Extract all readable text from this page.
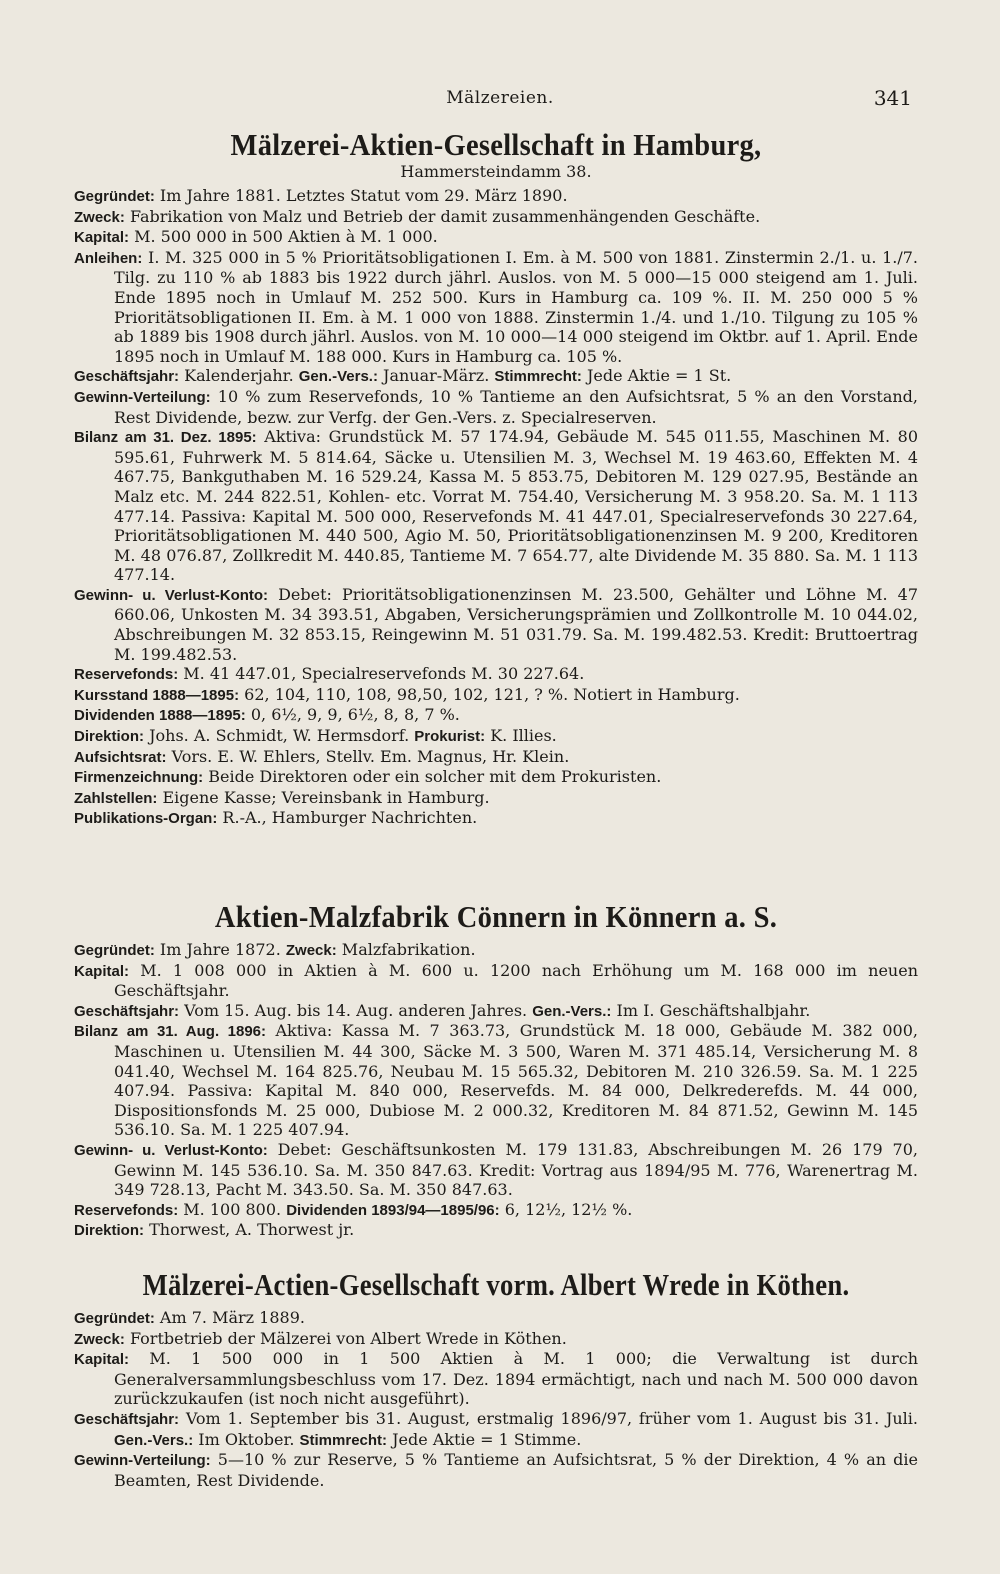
Mälzereien.	341
Mälzerei-Aktien-Gesellschaft in Hamburg,
Hammersteindamm 38.

Gegründet: Im Jahre 1881. Letztes Statut vom 29. März 1890.

Zweck: Fabrikation von Malz und Betrieb der damit zusammenhängenden Geschäfte.

Kapital: M. 500 000 in 500 Aktien à M. 1 000.

Anleihen: I. M. 325 000 in 5 % Prioritätsobligationen I. Em. à M. 500 von 1881. Zinstermin 2./1. u. 1./7. Tilg. zu 110 % ab 1883 bis 1922 durch jährl. Auslos. von M. 5 000—15 000 steigend am 1. Juli. Ende 1895 noch in Umlauf M. 252 500. Kurs in Hamburg ca. 109 %. II. M. 250 000 5 % Prioritätsobligationen II. Em. à M. 1 000 von 1888. Zinstermin 1./4. und 1./10. Tilgung zu 105 % ab 1889 bis 1908 durch jährl. Auslos. von M. 10 000—14 000 steigend im Oktbr. auf 1. April. Ende 1895 noch in Umlauf M. 188 000. Kurs in Hamburg ca. 105 %.

Geschäftsjahr: Kalenderjahr. Gen.-Vers.: Januar-März. Stimmrecht: Jede Aktie = 1 St.

Gewinn-Verteilung: 10 % zum Reservefonds, 10 % Tantieme an den Aufsichtsrat, 5 % an den Vorstand, Rest Dividende, bezw. zur Verfg. der Gen.-Vers. z. Specialreserven.

Bilanz am 31. Dez. 1895: Aktiva: Grundstück M. 57 174.94, Gebäude M. 545 011.55, Maschinen M. 80 595.61, Fuhrwerk M. 5 814.64, Säcke u. Utensilien M. 3, Wechsel M. 19 463.60, Effekten M. 4 467.75, Bankguthaben M. 16 529.24, Kassa M. 5 853.75, Debitoren M. 129 027.95, Bestände an Malz etc. M. 244 822.51, Kohlen- etc. Vorrat M. 754.40, Versicherung M. 3 958.20. Sa. M. 1 113 477.14. Passiva: Kapital M. 500 000, Reservefonds M. 41 447.01, Specialreservefonds 30 227.64, Prioritätsobligationen M. 440 500, Agio M. 50, Prioritätsobligationenzinsen M. 9 200, Kreditoren M. 48 076.87, Zollkredit M. 440.85, Tantieme M. 7 654.77, alte Dividende M. 35 880. Sa. M. 1 113 477.14.

Gewinn- u. Verlust-Konto: Debet: Prioritätsobligationenzinsen M. 23.500, Gehälter und Löhne M. 47 660.06, Unkosten M. 34 393.51, Abgaben, Versicherungsprämien und Zollkontrolle M. 10 044.02, Abschreibungen M. 32 853.15, Reingewinn M. 51 031.79. Sa. M. 199.482.53. Kredit: Bruttoertrag M. 199.482.53.

Reservefonds: M. 41 447.01, Specialreservefonds M. 30 227.64.

Kursstand 1888—1895: 62, 104, 110, 108, 98,50, 102, 121, ? %. Notiert in Hamburg.

Dividenden 1888—1895: 0, 6½, 9, 9, 6½, 8, 8, 7 %.

Direktion: Johs. A. Schmidt, W. Hermsdorf. Prokurist: K. Illies.

Aufsichtsrat: Vors. E. W. Ehlers, Stellv. Em. Magnus, Hr. Klein.

Firmenzeichnung: Beide Direktoren oder ein solcher mit dem Prokuristen.

Zahlstellen: Eigene Kasse; Vereinsbank in Hamburg.

Publikations-Organ: R.-A., Hamburger Nachrichten.

Aktien-Malzfabrik Cönnern in Könnern a. S.

Gegründet: Im Jahre 1872. Zweck: Malzfabrikation.

Kapital: M. 1 008 000 in Aktien à M. 600 u. 1200 nach Erhöhung um M. 168 000 im neuen Geschäftsjahr.

Geschäftsjahr: Vom 15. Aug. bis 14. Aug. anderen Jahres. Gen.-Vers.: Im I. Geschäftshalbjahr.

Bilanz am 31. Aug. 1896: Aktiva: Kassa M. 7 363.73, Grundstück M. 18 000, Gebäude M. 382 000, Maschinen u. Utensilien M. 44 300, Säcke M. 3 500, Waren M. 371 485.14, Versicherung M. 8 041.40, Wechsel M. 164 825.76, Neubau M. 15 565.32, Debitoren M. 210 326.59. Sa. M. 1 225 407.94. Passiva: Kapital M. 840 000, Reservefds. M. 84 000, Delkrederefds. M. 44 000, Dispositionsfonds M. 25 000, Dubiose M. 2 000.32, Kreditoren M. 84 871.52, Gewinn M. 145 536.10. Sa. M. 1 225 407.94.

Gewinn- u. Verlust-Konto: Debet: Geschäftsunkosten M. 179 131.83, Abschreibungen M. 26 179 70, Gewinn M. 145 536.10. Sa. M. 350 847.63. Kredit: Vortrag aus 1894/95 M. 776, Warenertrag M. 349 728.13, Pacht M. 343.50. Sa. M. 350 847.63.

Reservefonds: M. 100 800. Dividenden 1893/94—1895/96: 6, 12½, 12½ %.

Direktion: Thorwest, A. Thorwest jr.

Mälzerei-Actien-Gesellschaft vorm. Albert Wrede in Köthen.

Gegründet: Am 7. März 1889.

Zweck: Fortbetrieb der Mälzerei von Albert Wrede in Köthen.

Kapital: M. 1 500 000 in 1 500 Aktien à M. 1 000; die Verwaltung ist durch Generalversammlungsbeschluss vom 17. Dez. 1894 ermächtigt, nach und nach M. 500 000 davon zurückzukaufen (ist noch nicht ausgeführt).

Geschäftsjahr: Vom 1. September bis 31. August, erstmalig 1896/97, früher vom 1. August bis 31. Juli. Gen.-Vers.: Im Oktober. Stimmrecht: Jede Aktie = 1 Stimme.

Gewinn-Verteilung: 5—10 % zur Reserve, 5 % Tantieme an Aufsichtsrat, 5 % der Direktion, 4 % an die Beamten, Rest Dividende.
